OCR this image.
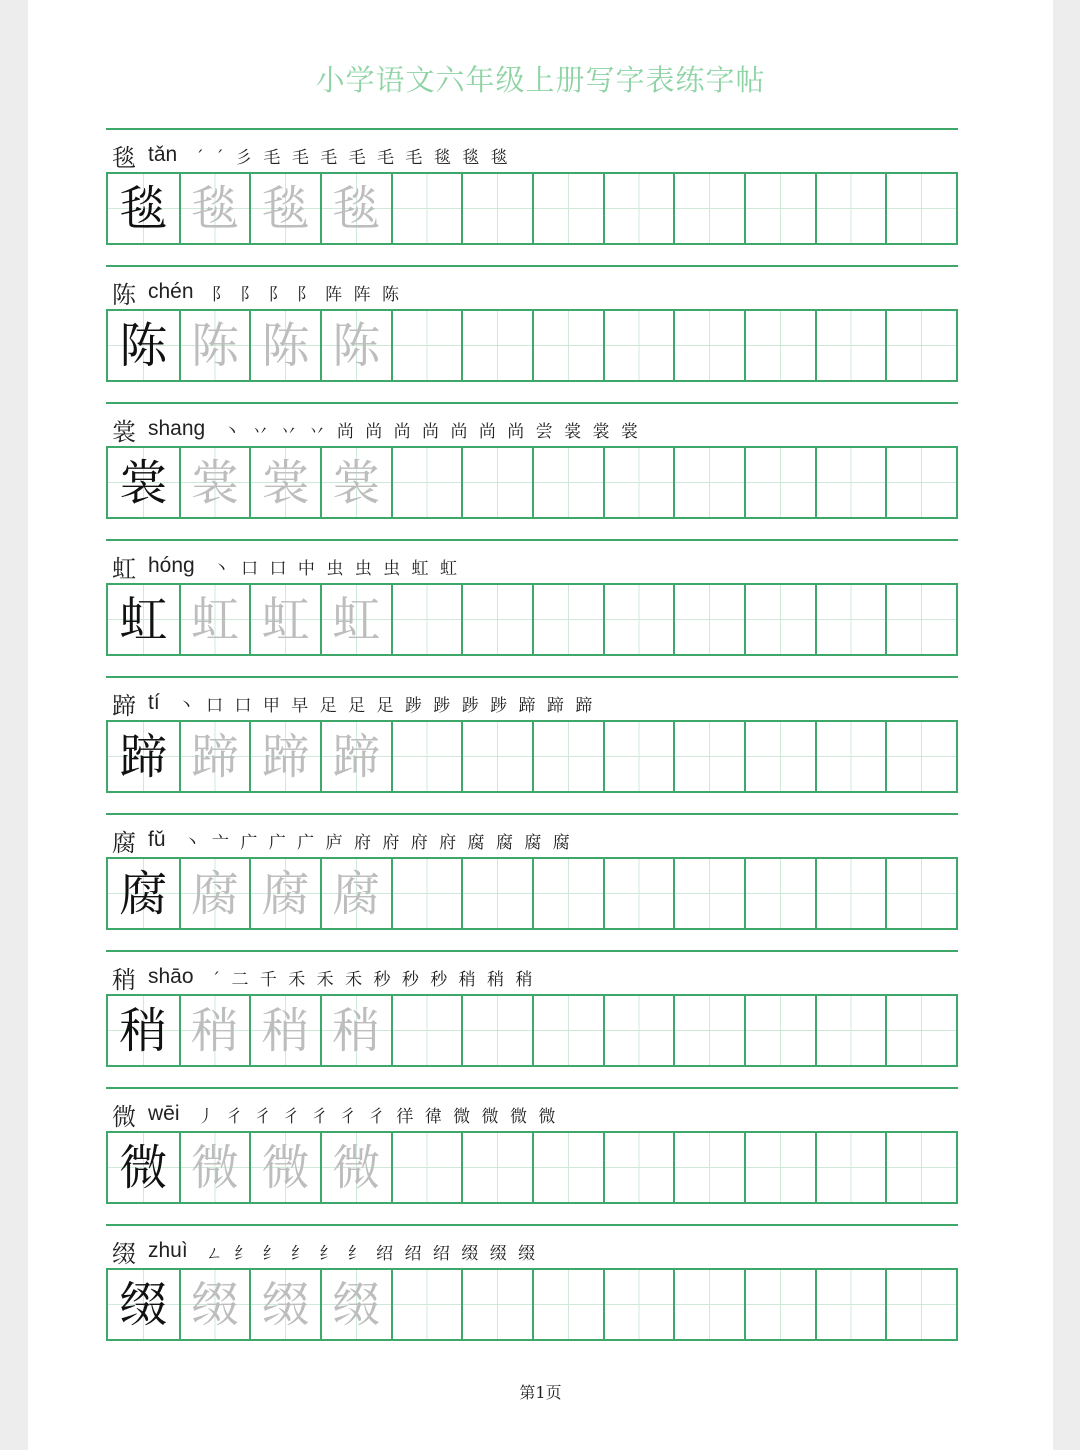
小学语文六年级上册写字表练字帖
毯 tǎn ˊ ˊ 彡 毛 毛 毛 毛 毛 毛 毯 毯 毯
毯 毯 毯 毯
陈 chén 阝 阝 阝 阝 阵 阵 陈
陈 陈 陈 陈
裳 shang 丶 丷 丷 丷 尚 尚 尚 尚 尚 尚 尚 尝 裳 裳 裳
裳 裳 裳 裳
虹 hóng 丶 口 口 中 虫 虫 虫 虹 虹
虹 虹 虹 虹
蹄 tí 丶 口 口 甲 早 足 足 足 踄 踄 踄 踄 蹄 蹄 蹄
蹄 蹄 蹄 蹄
腐 fǔ 丶 亠 广 广 广 庐 府 府 府 府 腐 腐 腐 腐
腐 腐 腐 腐
稍 shāo ˊ 二 千 禾 禾 禾 秒 秒 秒 稍 稍 稍
稍 稍 稍 稍
微 wēi 丿 彳 彳 彳 彳 彳 彳 徉 徫 微 微 微 微
微 微 微 微
缀 zhuì ㄥ 纟 纟 纟 纟 纟 绍 绍 绍 缀 缀 缀
缀 缀 缀 缀
第1页
